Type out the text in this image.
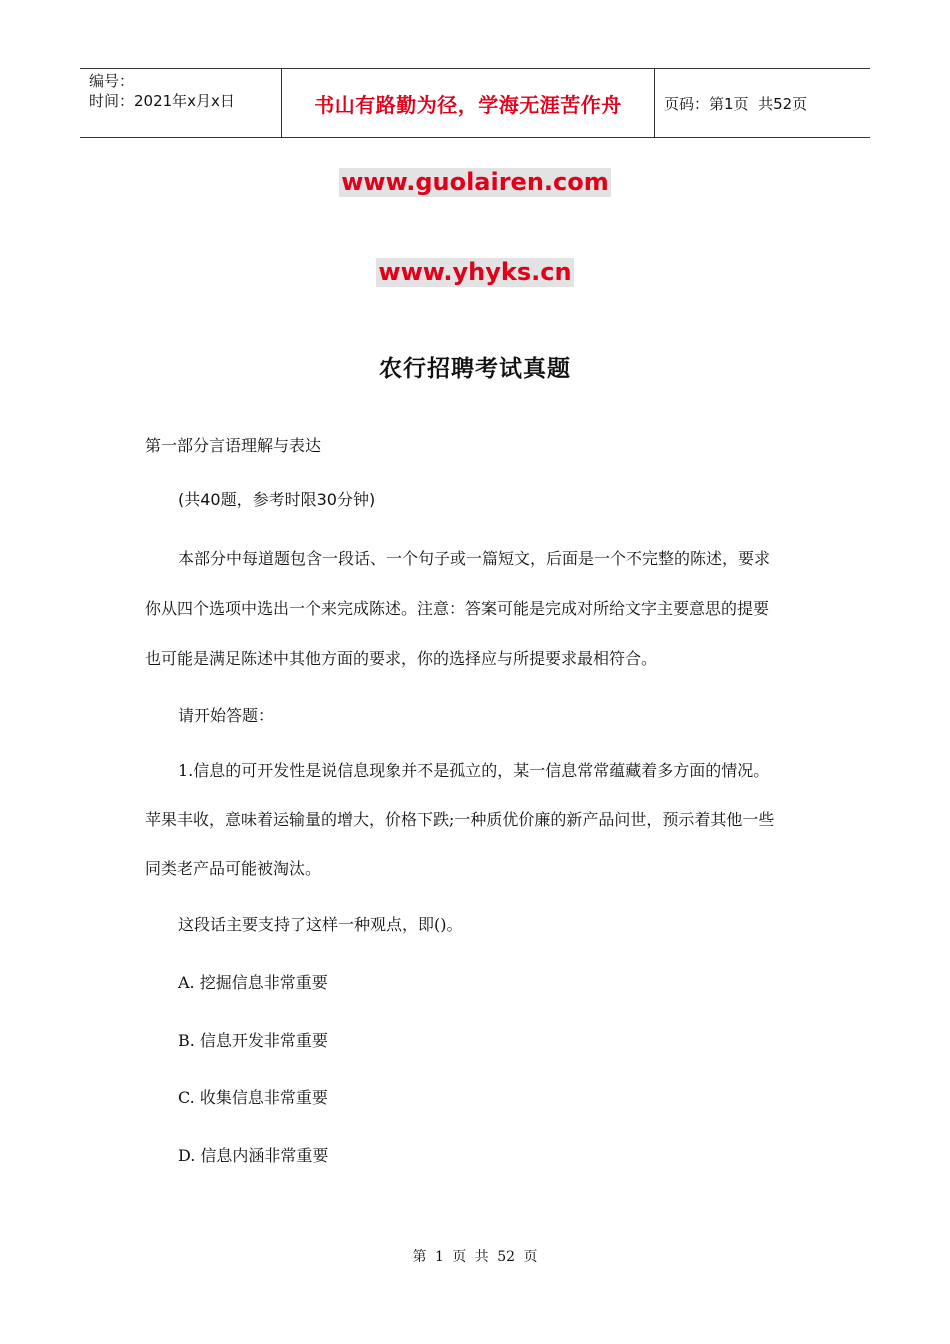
编号：
时间：2021年x月x日	书山有路勤为径，学海无涯苦作舟	页码：第1页  共52页
www.guolairen.com
www.yhyks.cn
农行招聘考试真题
第一部分言语理解与表达
(共40题，参考时限30分钟)
本部分中每道题包含一段话、一个句子或一篇短文，后面是一个不完整的陈述，要求
你从四个选项中选出一个来完成陈述。注意：答案可能是完成对所给文字主要意思的提要
也可能是满足陈述中其他方面的要求，你的选择应与所提要求最相符合。
请开始答题：
1.信息的可开发性是说信息现象并不是孤立的，某一信息常常蕴藏着多方面的情况。
苹果丰收，意味着运输量的增大，价格下跌;一种质优价廉的新产品问世，预示着其他一些
同类老产品可能被淘汰。
这段话主要支持了这样一种观点，即()。
A. 挖掘信息非常重要
B. 信息开发非常重要
C. 收集信息非常重要
D. 信息内涵非常重要
第 1 页 共 52 页
